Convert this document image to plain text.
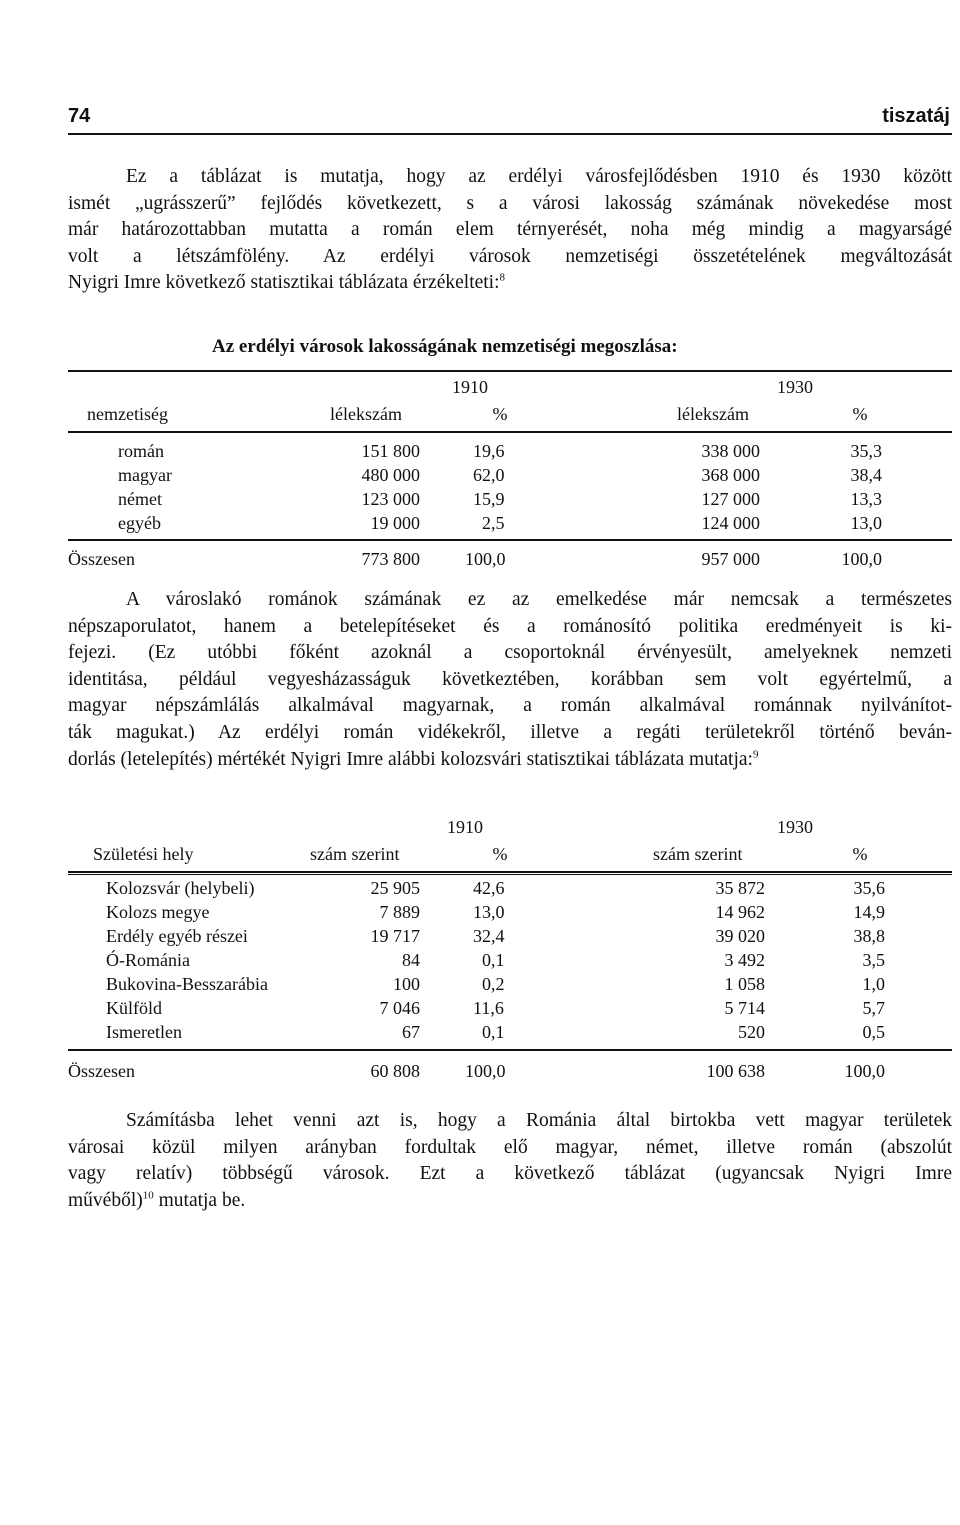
74	tiszatáj
Ez a táblázat is mutatja, hogy az erdélyi városfejlődésben 1910 és 1930 között
ismét „ugrásszerű” fejlődés következett, s a városi lakosság számának növekedése most
már határozottabban mutatta a román elem térnyerését, noha még mindig a magyarságé
volt a létszámfölény. Az erdélyi városok nemzetiségi összetételének megváltozását
Nyigri Imre következő statisztikai táblázata érzékelteti:$^8$
Az erdélyi városok lakosságának nemzetiségi megoszlása:
1910	1930
nemzetiség	lélekszám	%	lélekszám	%
román	151 800	19,6	338 000	35,3
magyar	480 000	62,0	368 000	38,4
német	123 000	15,9	127 000	13,3
egyéb	19 000	2,5	124 000	13,0
Összesen	773 800	100,0	957 000	100,0
A városlakó románok számának ez az emelkedése már nemcsak a természetes
népszaporulatot, hanem a betelepítéseket és a románosító politika eredményeit is ki-
fejezi. (Ez utóbbi főként azoknál a csoportoknál érvényesült, amelyeknek nemzeti
identitása, például vegyesházasságuk következtében, korábban sem volt egyértelmű, a
magyar népszámlálás alkalmával magyarnak, a román alkalmával románnak nyilvánítot-
ták magukat.) Az erdélyi román vidékekről, illetve a regáti területekről történő beván-
dorlás (letelepítés) mértékét Nyigri Imre alábbi kolozsvári statisztikai táblázata mutatja:$^9$
1910	1930
Születési hely	szám szerint	%	szám szerint	%
Kolozsvár (helybeli)	25 905	42,6	35 872	35,6
Kolozs megye	7 889	13,0	14 962	14,9
Erdély egyéb részei	19 717	32,4	39 020	38,8
Ó-Románia	84	0,1	3 492	3,5
Bukovina-Besszarábia	100	0,2	1 058	1,0
Külföld	7 046	11,6	5 714	5,7
Ismeretlen	67	0,1	520	0,5
Összesen	60 808	100,0	100 638	100,0
Számításba lehet venni azt is, hogy a Románia által birtokba vett magyar területek
városai közül milyen arányban fordultak elő magyar, német, illetve román (abszolút
vagy relatív) többségű városok. Ezt a következő táblázat (ugyancsak Nyigri Imre
művéből)$^{10}$ mutatja be.
